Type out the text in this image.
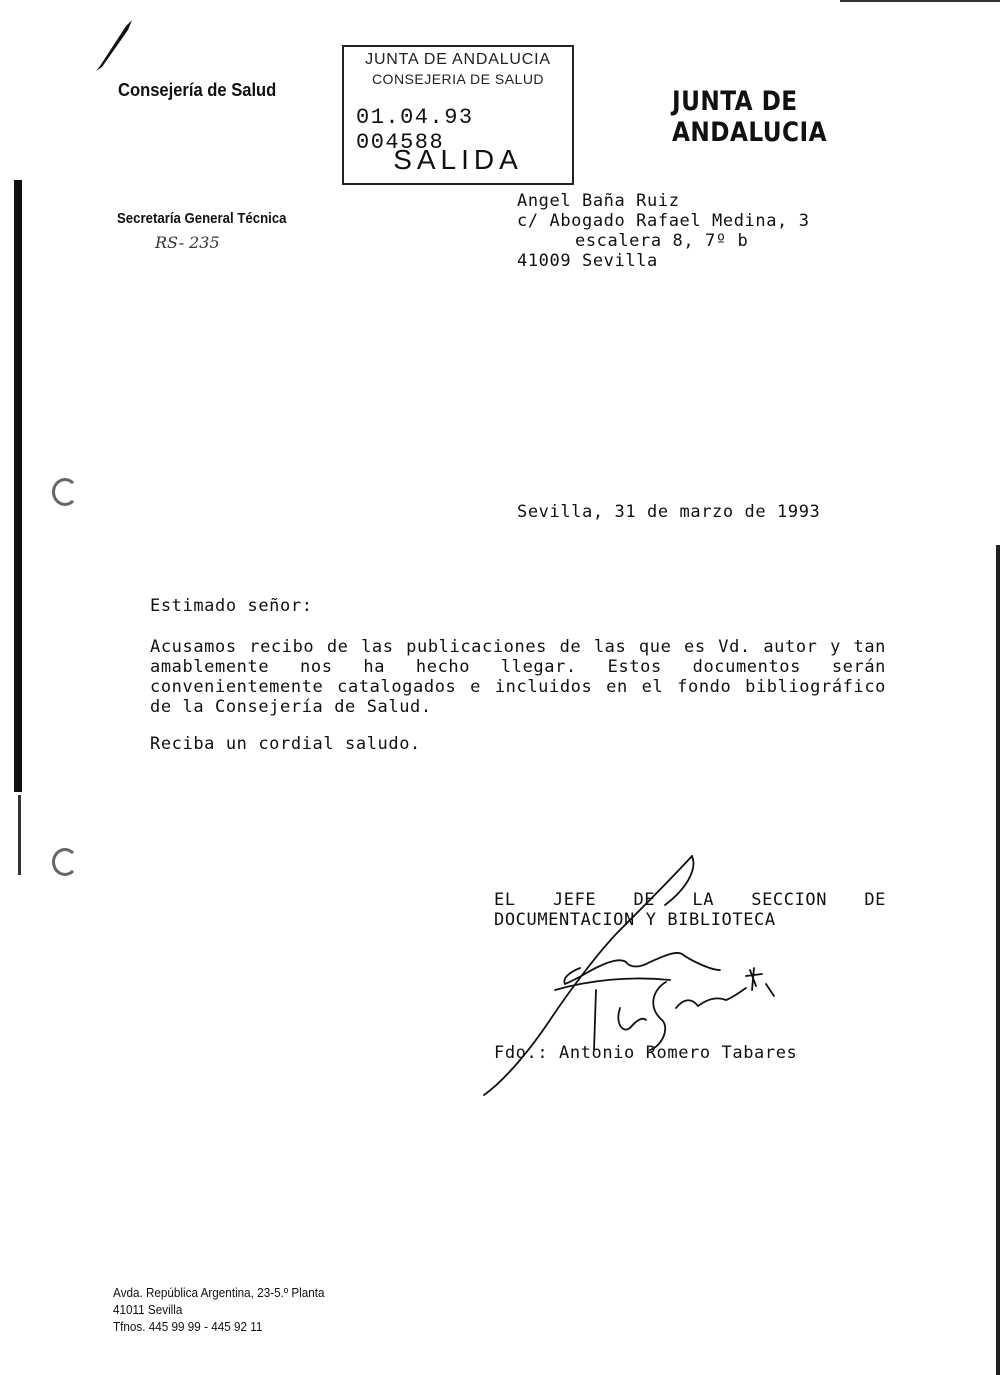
Consejería de Salud
Secretaría General Técnica
RS- 235
JUNTA DE ANDALUCIA
JUNTA DE ANDALUCIA
CONSEJERIA DE SALUD
01.04.93 004588
SALIDA
Angel Baña Ruiz
c/ Abogado Rafael Medina, 3
escalera 8, 7º b
41009 Sevilla
Sevilla, 31 de marzo de 1993
Estimado señor:
Acusamos recibo de las publicaciones de las que es Vd. autor y tan amablemente nos ha hecho llegar. Estos documentos serán convenientemente catalogados e incluidos en el fondo bibliográfico de la Consejería de Salud.
Reciba un cordial saludo.
EL JEFE DE LA SECCION DE
DOCUMENTACION Y BIBLIOTECA
Fdo.: Antonio Romero Tabares
Avda. República Argentina, 23-5.º Planta
41011 Sevilla
Tfnos. 445 99 99 - 445 92 11
